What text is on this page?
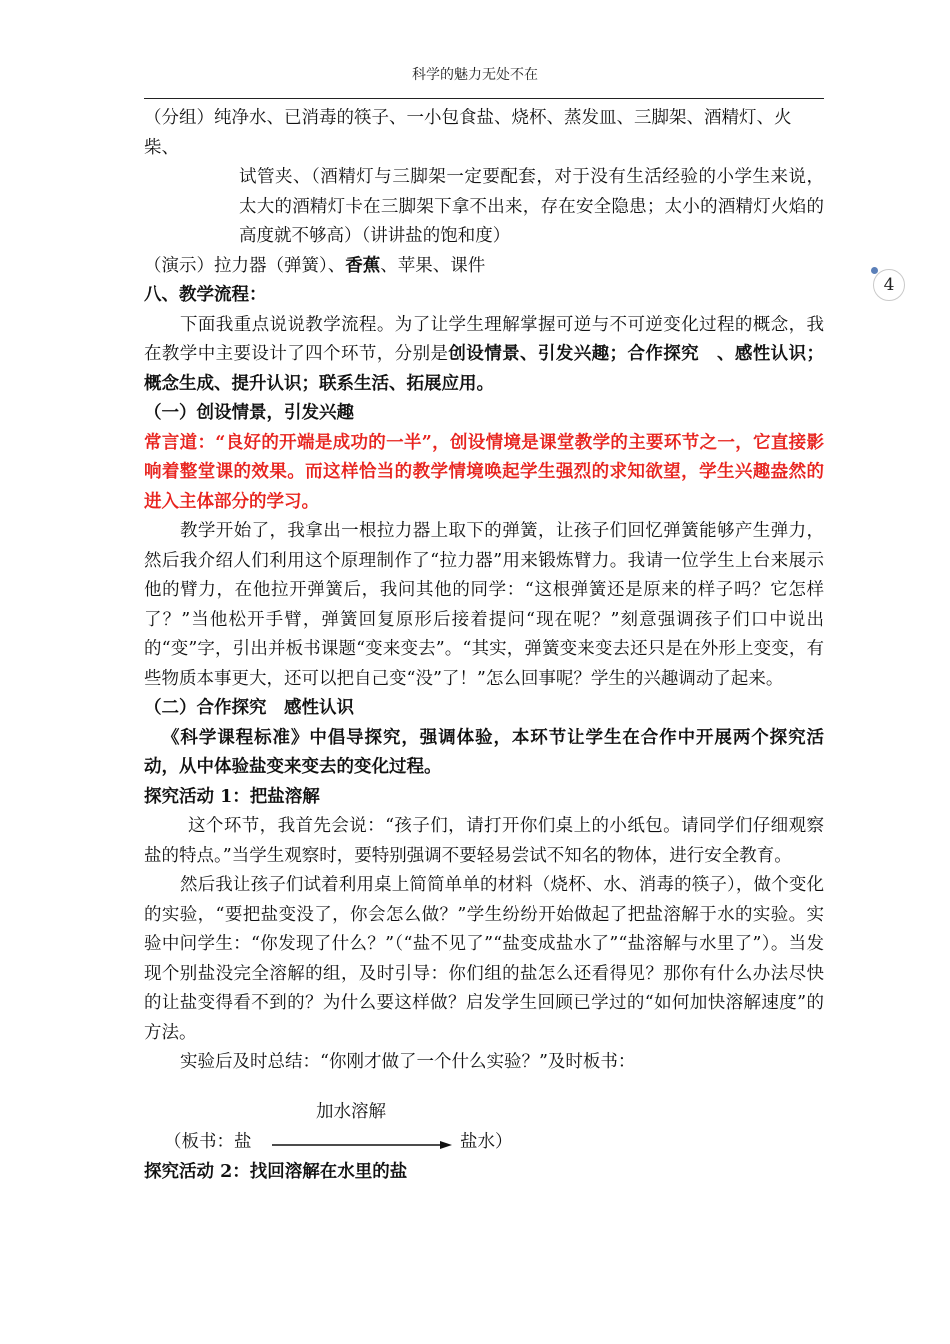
科学的魅力无处不在
4

（分组）纯净水、已消毒的筷子、一小包食盐、烧杯、蒸发皿、三脚架、酒精灯、火柴、

试管夹、（酒精灯与三脚架一定要配套，对于没有生活经验的小学生来说，太大的酒精灯卡在三脚架下拿不出来，存在安全隐患；太小的酒精灯火焰的高度就不够高）（讲讲盐的饱和度）

（演示）拉力器（弹簧）、香蕉、苹果、课件

八、教学流程：

下面我重点说说教学流程。为了让学生理解掌握可逆与不可逆变化过程的概念，我在教学中主要设计了四个环节，分别是创设情景、引发兴趣；合作探究　、感性认识；概念生成、提升认识；联系生活、拓展应用。

（一）创设情景，引发兴趣

常言道：“良好的开端是成功的一半”，创设情境是课堂教学的主要环节之一，它直接影响着整堂课的效果。而这样恰当的教学情境唤起学生强烈的求知欲望，学生兴趣盎然的进入主体部分的学习。

教学开始了，我拿出一根拉力器上取下的弹簧，让孩子们回忆弹簧能够产生弹力，然后我介绍人们利用这个原理制作了“拉力器”用来锻炼臂力。我请一位学生上台来展示他的臂力，在他拉开弹簧后，我问其他的同学：“这根弹簧还是原来的样子吗？它怎样了？”当他松开手臂，弹簧回复原形后接着提问“现在呢？”刻意强调孩子们口中说出的“变”字，引出并板书课题“变来变去”。“其实，弹簧变来变去还只是在外形上变变，有些物质本事更大，还可以把自己变“没”了！”怎么回事呢？学生的兴趣调动了起来。

（二）合作探究　感性认识

《科学课程标准》中倡导探究，强调体验，本环节让学生在合作中开展两个探究活动，从中体验盐变来变去的变化过程。

探究活动 1：把盐溶解

这个环节，我首先会说：“孩子们，请打开你们桌上的小纸包。请同学们仔细观察盐的特点。”当学生观察时，要特别强调不要轻易尝试不知名的物体，进行安全教育。

然后我让孩子们试着利用桌上简简单单的材料（烧杯、水、消毒的筷子），做个变化的实验，“要把盐变没了，你会怎么做？”学生纷纷开始做起了把盐溶解于水的实验。实验中问学生：“你发现了什么？”（“盐不见了”“盐变成盐水了”“盐溶解与水里了”）。当发现个别盐没完全溶解的组，及时引导：你们组的盐怎么还看得见？那你有什么办法尽快的让盐变得看不到的？为什么要这样做？启发学生回顾已学过的“如何加快溶解速度”的方法。

实验后及时总结：“你刚才做了一个什么实验？”及时板书：

加水溶解
（板书：盐	盐水）

探究活动 2：找回溶解在水里的盐
